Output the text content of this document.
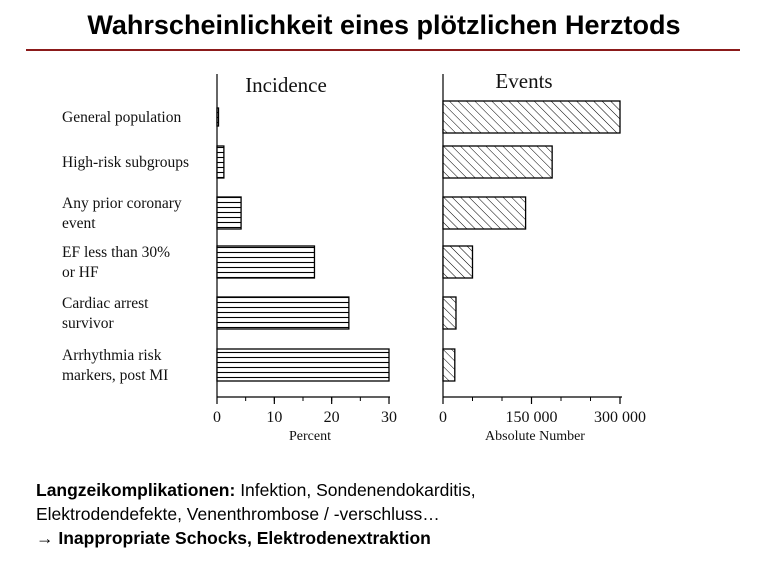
Wahrscheinlichkeit eines plötzlichen Herztods
Incidence
General population
High-risk subgroups
Any prior coronary
event
EF less than 30%
or HF
Cardiac arrest
survivor
Arrhythmia risk
markers, post MI
0	10	20	30
Percent
Events
0	150 000 300 000
Absolute Number
Langzeikomplikationen: Infektion, Sondenendokarditis,
Elektrodendefekte, Venenthrombose / -verschluss…
→ Inappropriate Schocks, Elektrodenextraktion
